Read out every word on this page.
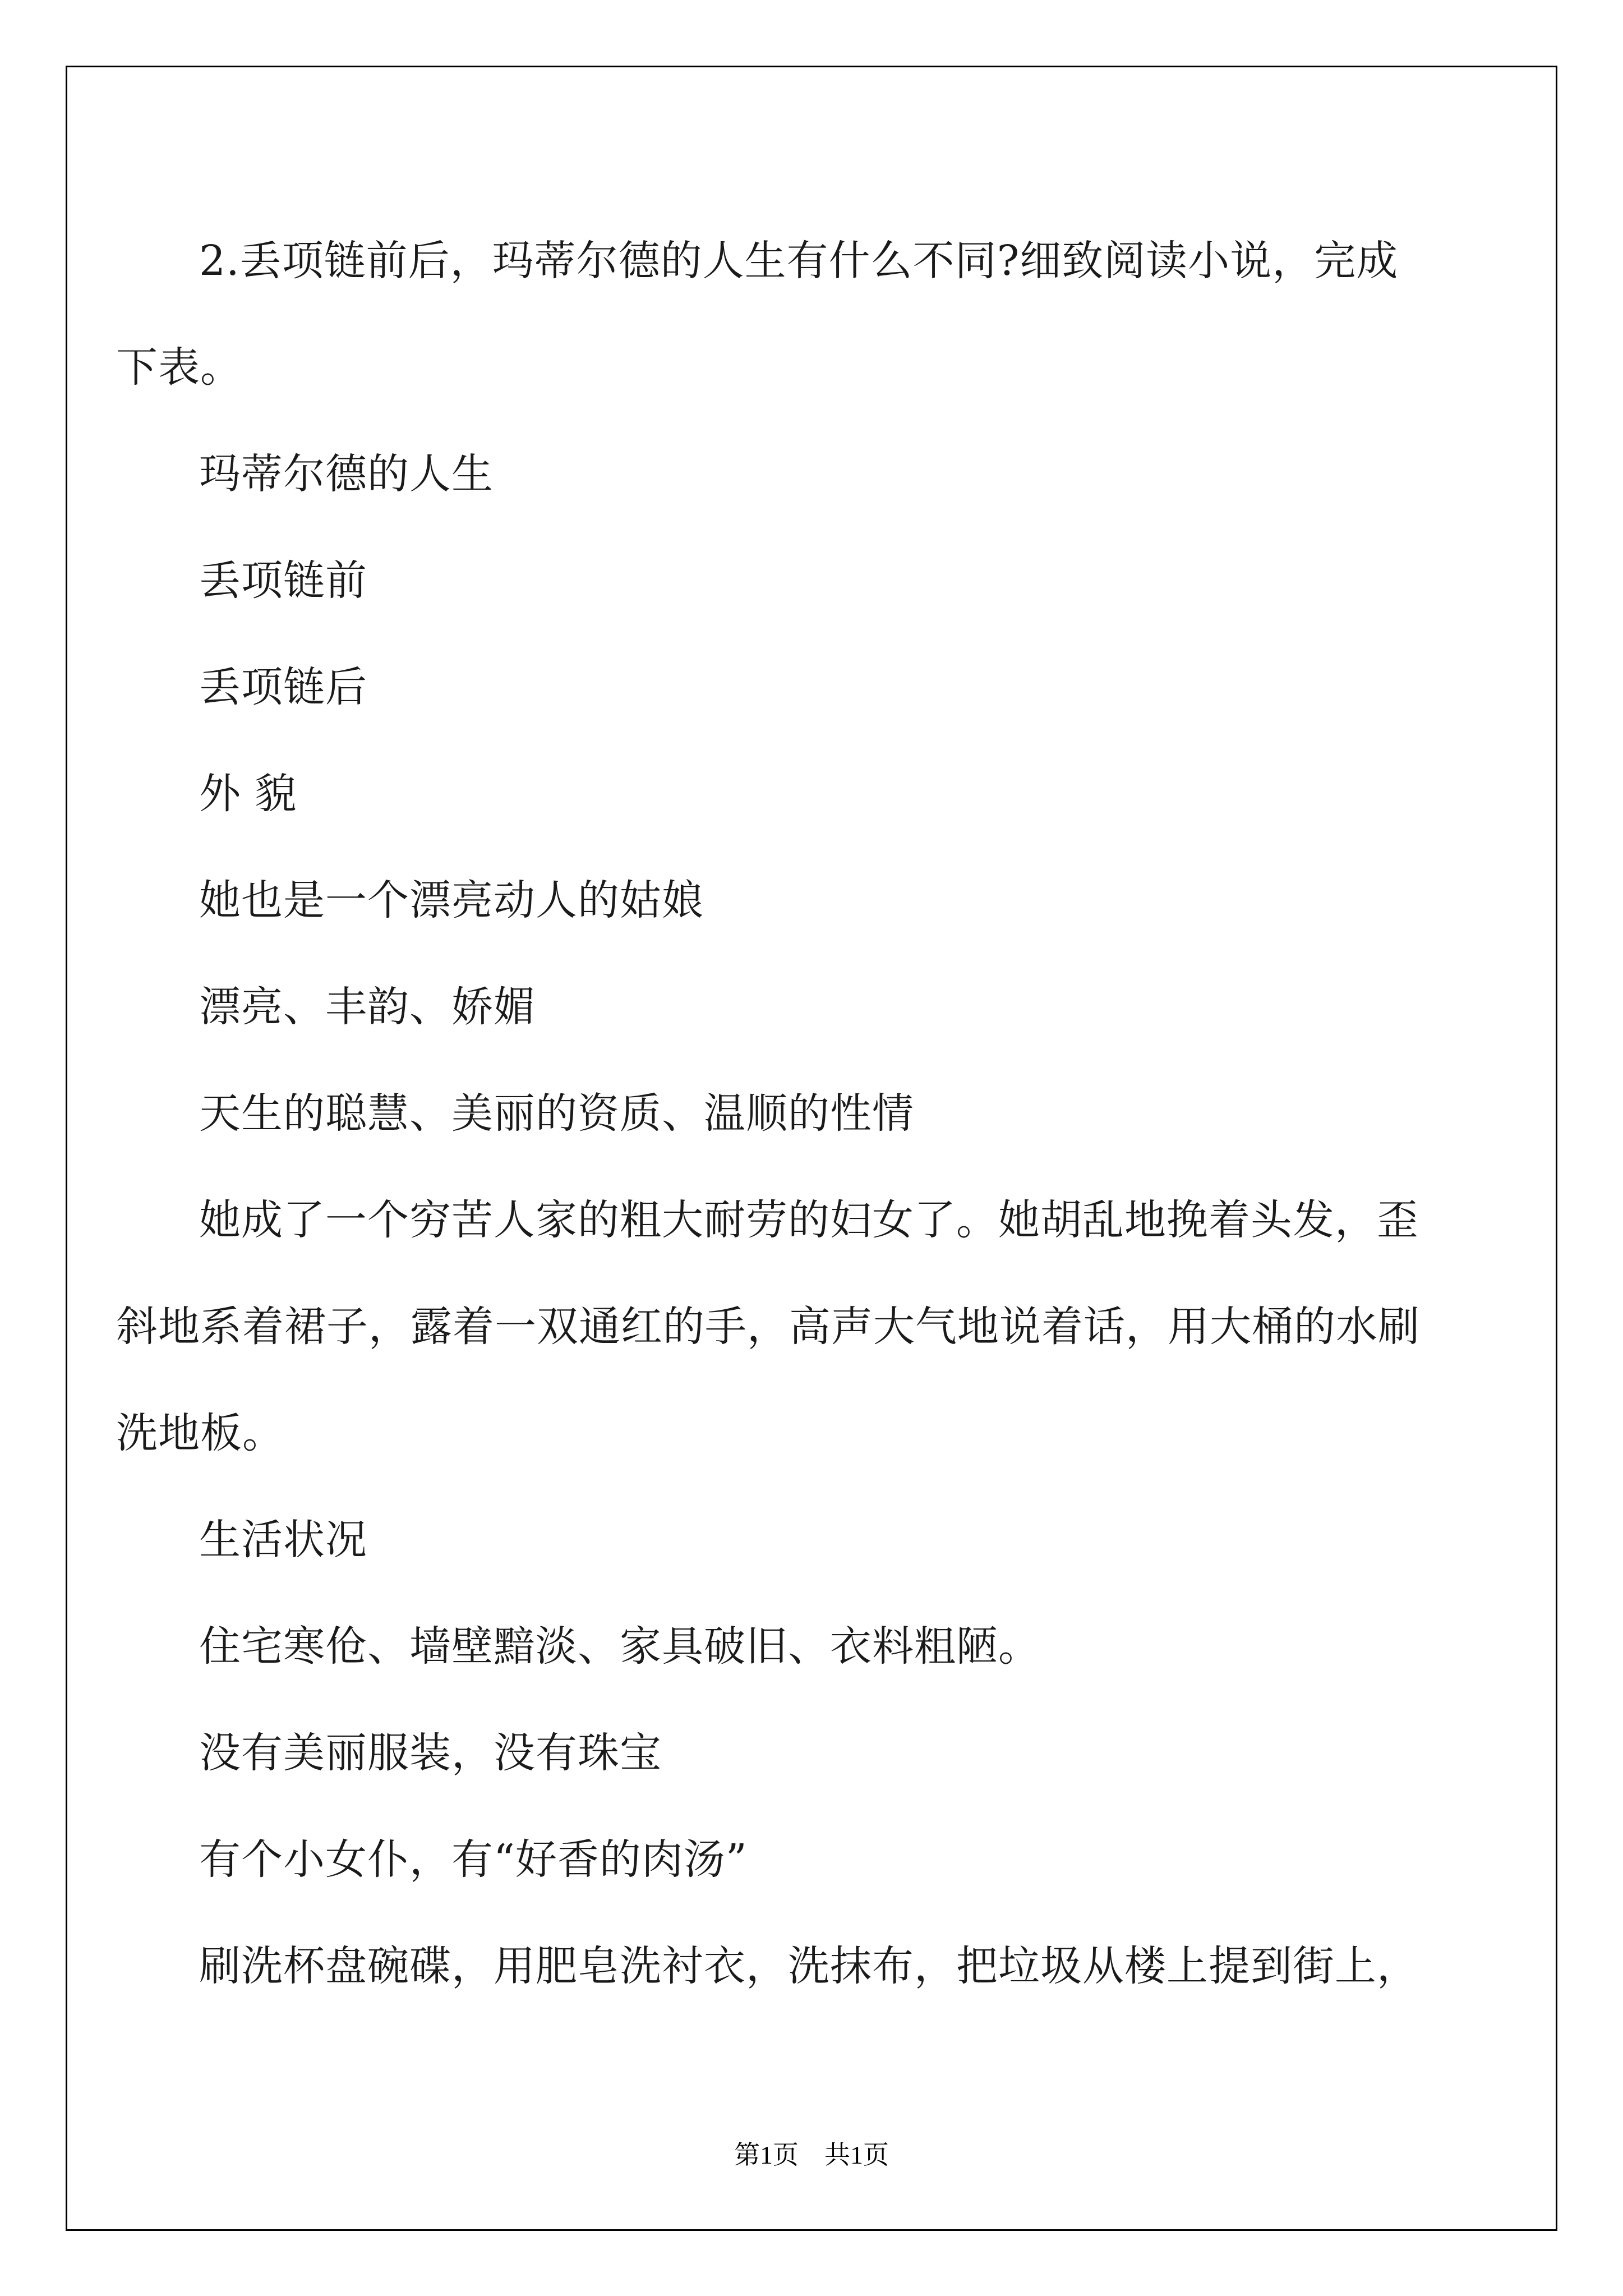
2.丢项链前后，玛蒂尔德的人生有什么不同?细致阅读小说，完成下表。

玛蒂尔德的人生

丢项链前

丢项链后

外 貌

她也是一个漂亮动人的姑娘

漂亮、丰韵、娇媚

天生的聪慧、美丽的资质、温顺的性情

她成了一个穷苦人家的粗大耐劳的妇女了。她胡乱地挽着头发，歪斜地系着裙子，露着一双通红的手，高声大气地说着话，用大桶的水刷洗地板。

生活状况

住宅寒伧、墙壁黯淡、家具破旧、衣料粗陋。

没有美丽服装，没有珠宝

有个小女仆，有“好香的肉汤”

刷洗杯盘碗碟，用肥皂洗衬衣，洗抹布，把垃圾从楼上提到街上，

第1页　共1页
